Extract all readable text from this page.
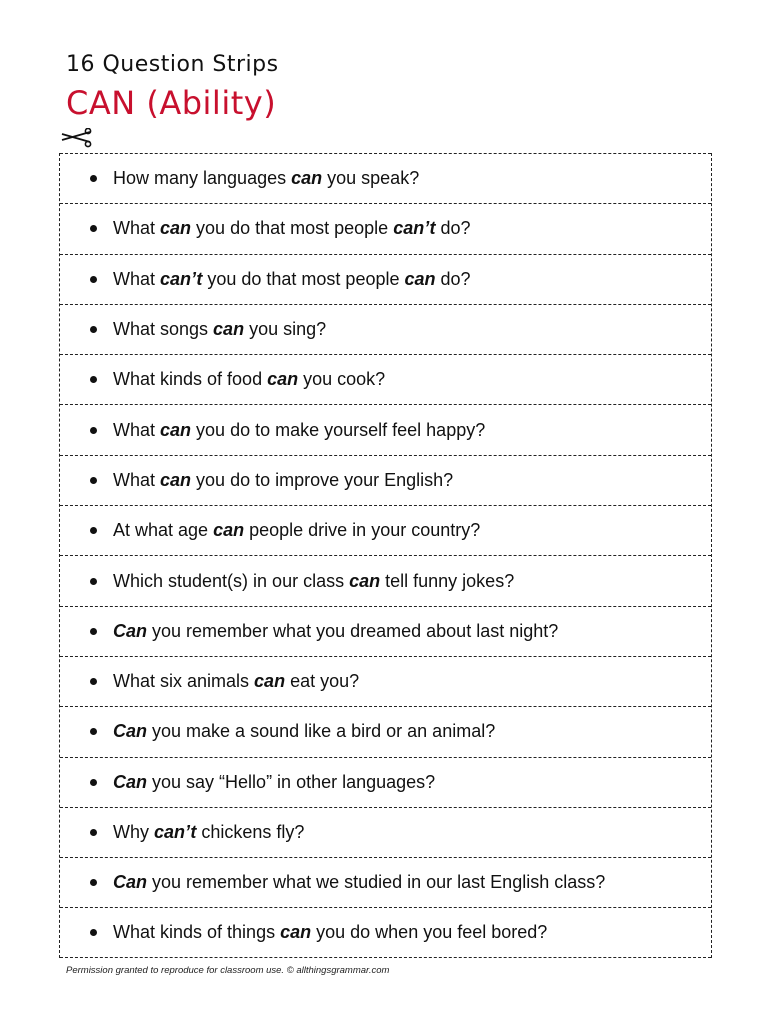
16 Question Strips
CAN (Ability)
How many languages can you speak?
What can you do that most people can’t do?
What can’t you do that most people can do?
What songs can you sing?
What kinds of food can you cook?
What can you do to make yourself feel happy?
What can you do to improve your English?
At what age can people drive in your country?
Which student(s) in our class can tell funny jokes?
Can you remember what you dreamed about last night?
What six animals can eat you?
Can you make a sound like a bird or an animal?
Can you say “Hello” in other languages?
Why can’t chickens fly?
Can you remember what we studied in our last English class?
What kinds of things can you do when you feel bored?

Permission granted to reproduce for classroom use. © allthingsgrammar.com
